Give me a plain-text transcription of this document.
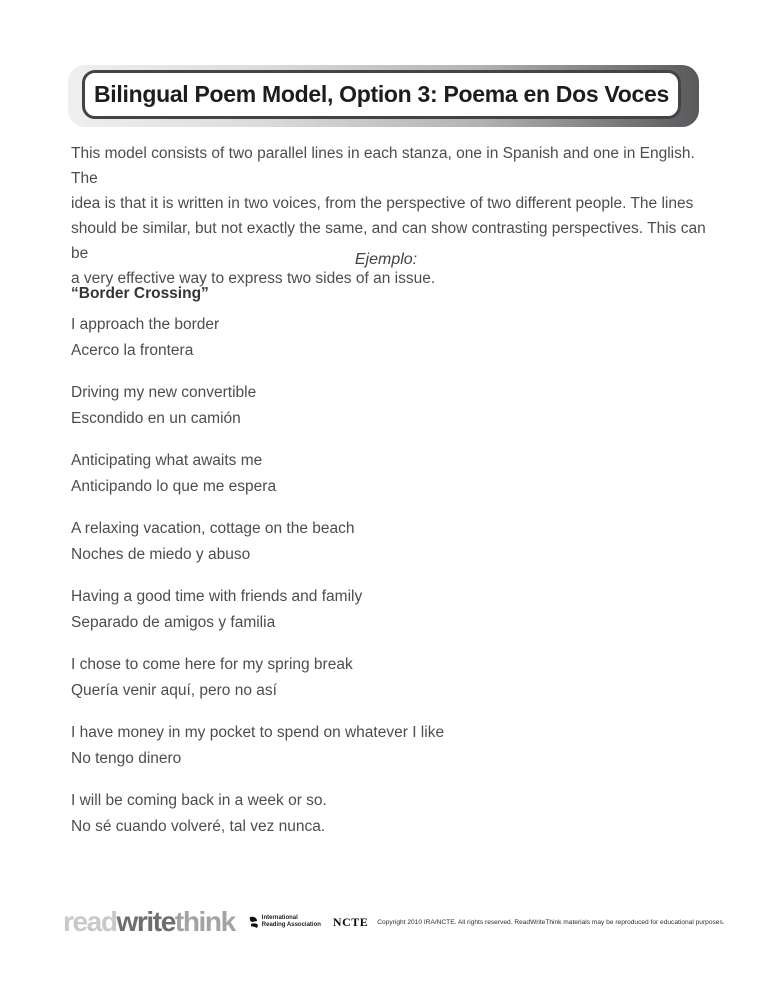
Bilingual Poem Model, Option 3: Poema en Dos Voces
This model consists of two parallel lines in each stanza, one in Spanish and one in English. The
idea is that it is written in two voices, from the perspective of two different people. The lines
should be similar, but not exactly the same, and can show contrasting perspectives. This can be
a very effective way to express two sides of an issue.
Ejemplo:
“Border Crossing”
I approach the border
Acerco la frontera
Driving my new convertible
Escondido en un camión
Anticipating what awaits me
Anticipando lo que me espera
A relaxing vacation, cottage on the beach
Noches de miedo y abuso
Having a good time with friends and family
Separado de amigos y familia
I chose to come here for my spring break
Quería venir aquí, pero no así
I have money in my pocket to spend on whatever I like
No tengo dinero
I will be coming back in a week or so.
No sé cuando volveré, tal vez nunca.
readwritethink	International
Reading Association NCTE Copyright 2010 IRA/NCTE. All rights reserved. ReadWriteThink materials may be reproduced for educational purposes.
